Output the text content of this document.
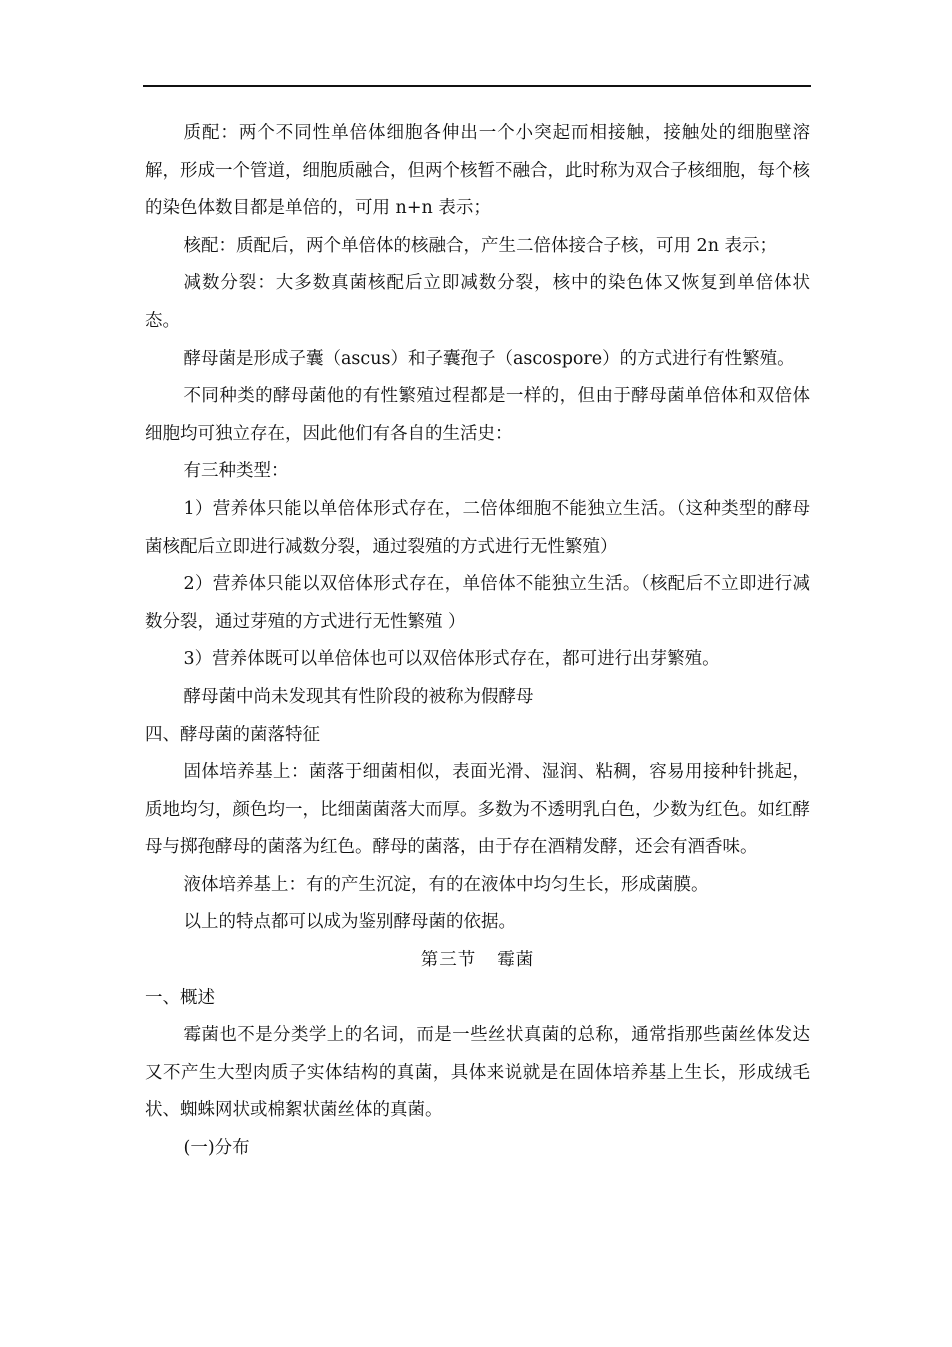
质配：两个不同性单倍体细胞各伸出一个小突起而相接触，接触处的细胞壁溶解，形成一个管道，细胞质融合，但两个核暂不融合，此时称为双合子核细胞，每个核的染色体数目都是单倍的，可用 n+n 表示；

核配：质配后，两个单倍体的核融合，产生二倍体接合子核，可用 2n 表示；

减数分裂：大多数真菌核配后立即减数分裂，核中的染色体又恢复到单倍体状态。

酵母菌是形成子囊（ascus）和子囊孢子（ascospore）的方式进行有性繁殖。

不同种类的酵母菌他的有性繁殖过程都是一样的，但由于酵母菌单倍体和双倍体细胞均可独立存在，因此他们有各自的生活史：

有三种类型：

1）营养体只能以单倍体形式存在，二倍体细胞不能独立生活。（这种类型的酵母菌核配后立即进行减数分裂，通过裂殖的方式进行无性繁殖）

2）营养体只能以双倍体形式存在，单倍体不能独立生活。（核配后不立即进行减数分裂，通过芽殖的方式进行无性繁殖 ）

3）营养体既可以单倍体也可以双倍体形式存在，都可进行出芽繁殖。

酵母菌中尚未发现其有性阶段的被称为假酵母

四、酵母菌的菌落特征

固体培养基上：菌落于细菌相似，表面光滑、湿润、粘稠，容易用接种针挑起，质地均匀，颜色均一，比细菌菌落大而厚。多数为不透明乳白色，少数为红色。如红酵母与掷孢酵母的菌落为红色。酵母的菌落，由于存在酒精发酵，还会有酒香味。

液体培养基上：有的产生沉淀，有的在液体中均匀生长，形成菌膜。

以上的特点都可以成为鉴别酵母菌的依据。

第三节 霉菌

一、概述

霉菌也不是分类学上的名词，而是一些丝状真菌的总称，通常指那些菌丝体发达又不产生大型肉质子实体结构的真菌，具体来说就是在固体培养基上生长，形成绒毛状、蜘蛛网状或棉絮状菌丝体的真菌。

(一)分布
